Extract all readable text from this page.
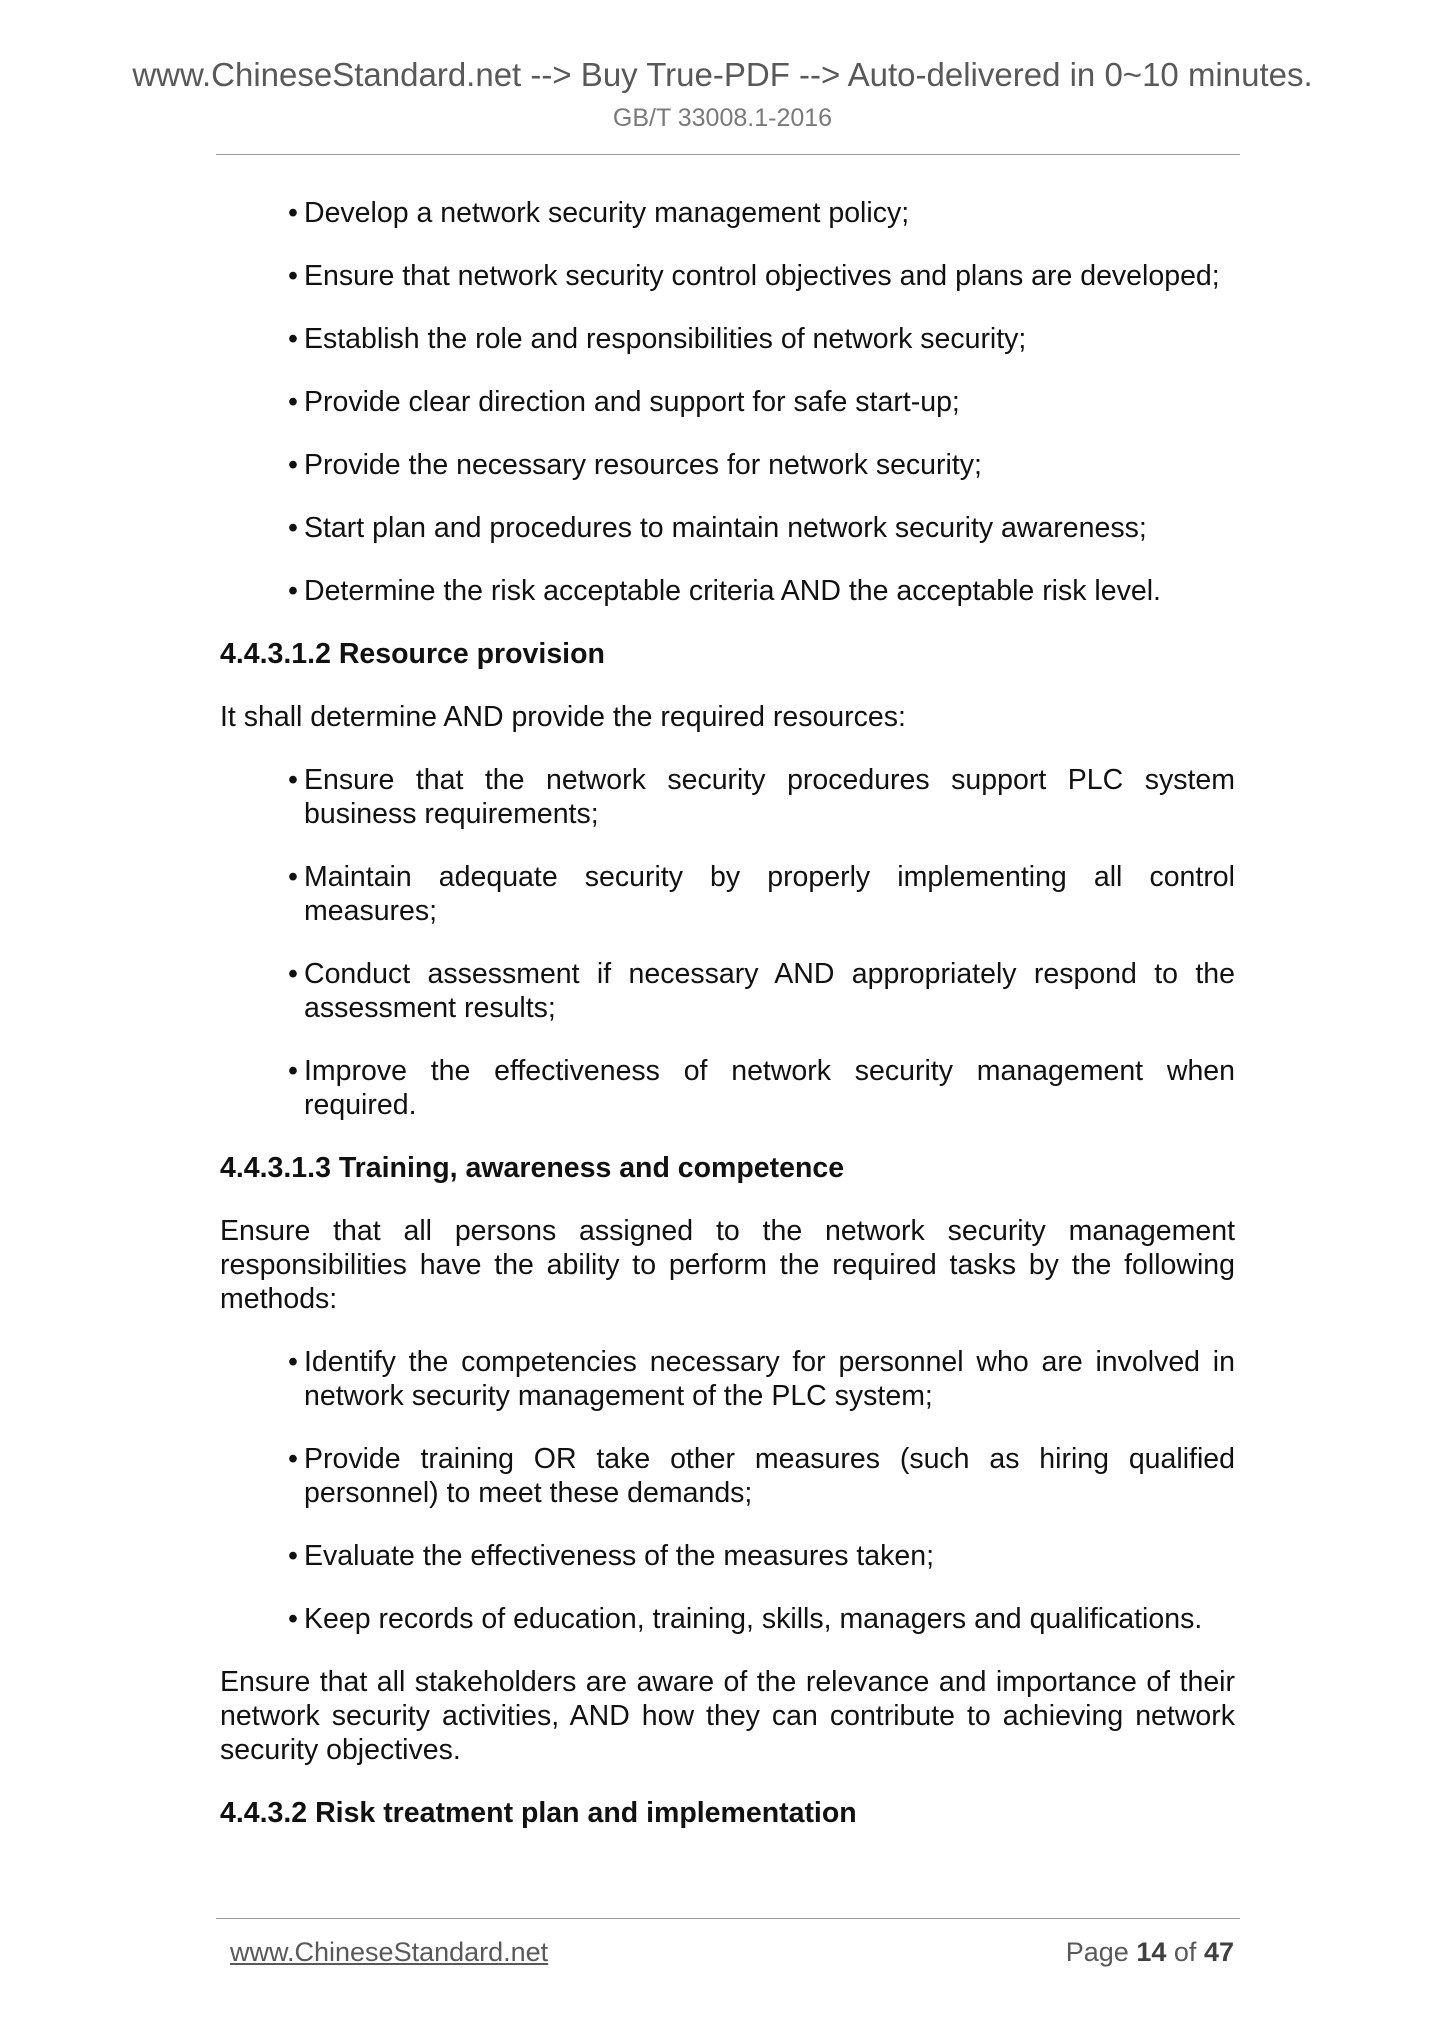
www.ChineseStandard.net --> Buy True-PDF --> Auto-delivered in 0~10 minutes.
GB/T 33008.1-2016
• Develop a network security management policy;
• Ensure that network security control objectives and plans are developed;
• Establish the role and responsibilities of network security;
• Provide clear direction and support for safe start-up;
• Provide the necessary resources for network security;
• Start plan and procedures to maintain network security awareness;
• Determine the risk acceptable criteria AND the acceptable risk level.
4.4.3.1.2 Resource provision
It shall determine AND provide the required resources:
• Ensure that the network security procedures support PLC system business requirements;
• Maintain adequate security by properly implementing all control measures;
• Conduct assessment if necessary AND appropriately respond to the assessment results;
• Improve the effectiveness of network security management when required.
4.4.3.1.3 Training, awareness and competence
Ensure that all persons assigned to the network security management responsibilities have the ability to perform the required tasks by the following methods:
• Identify the competencies necessary for personnel who are involved in network security management of the PLC system;
• Provide training OR take other measures (such as hiring qualified personnel) to meet these demands;
• Evaluate the effectiveness of the measures taken;
• Keep records of education, training, skills, managers and qualifications.
Ensure that all stakeholders are aware of the relevance and importance of their network security activities, AND how they can contribute to achieving network security objectives.
4.4.3.2 Risk treatment plan and implementation
www.ChineseStandard.net	Page 14 of 47
